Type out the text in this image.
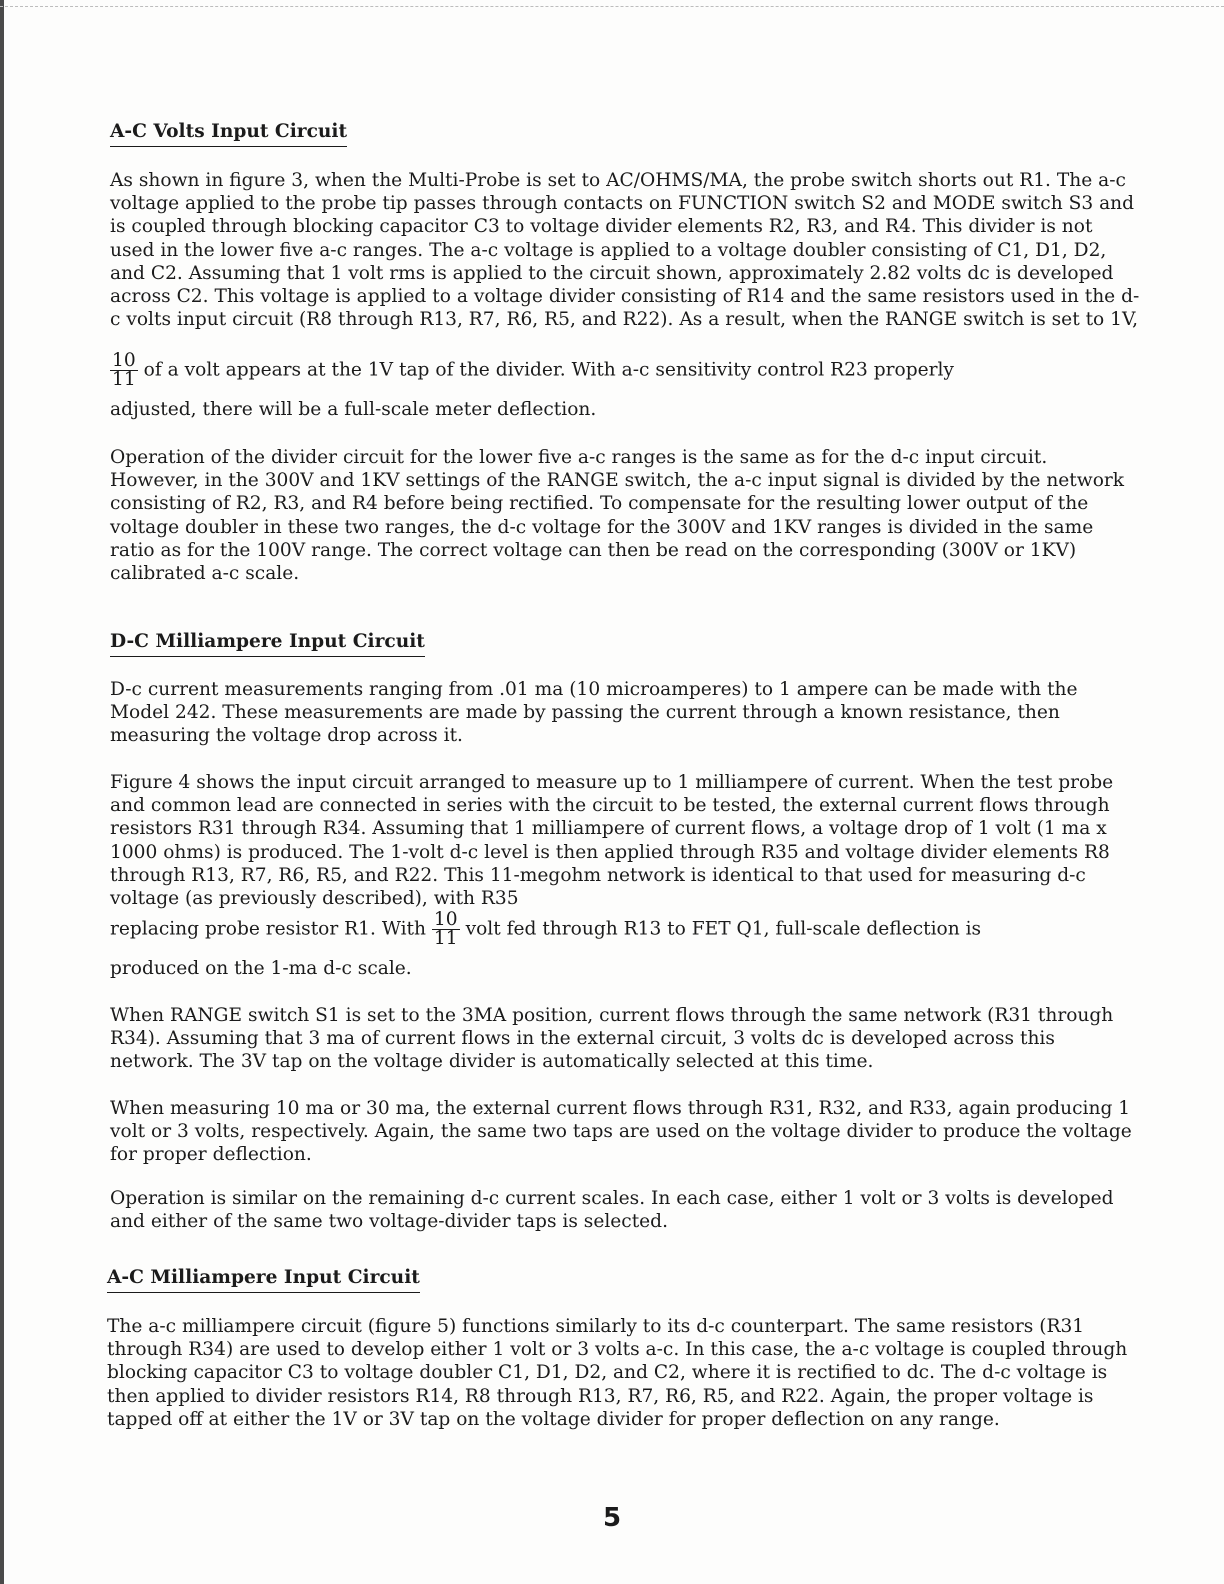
A-C Volts Input Circuit

As shown in figure 3, when the Multi-Probe is set to AC/OHMS/MA, the probe switch shorts out R1. The a-c voltage applied to the probe tip passes through contacts on FUNCTION switch S2 and MODE switch S3 and is coupled through blocking capacitor C3 to voltage divider elements R2, R3, and R4. This divider is not used in the lower five a-c ranges. The a-c voltage is applied to a voltage doubler consisting of C1, D1, D2, and C2. Assuming that 1 volt rms is applied to the circuit shown, approximately 2.82 volts dc is developed across C2. This voltage is applied to a voltage divider consisting of R14 and the same resistors used in the d-c volts input circuit (R8 through R13, R7, R6, R5, and R22). As a result, when the RANGE switch is set to 1V,

$\frac{10}{11}$ of a volt appears at the 1V tap of the divider. With a-c sensitivity control R23 properly

adjusted, there will be a full-scale meter deflection.

Operation of the divider circuit for the lower five a-c ranges is the same as for the d-c input circuit. However, in the 300V and 1KV settings of the RANGE switch, the a-c input signal is divided by the network consisting of R2, R3, and R4 before being rectified. To compensate for the resulting lower output of the voltage doubler in these two ranges, the d-c voltage for the 300V and 1KV ranges is divided in the same ratio as for the 100V range. The correct voltage can then be read on the corresponding (300V or 1KV) calibrated a-c scale.

D-C Milliampere Input Circuit

D-c current measurements ranging from .01 ma (10 microamperes) to 1 ampere can be made with the Model 242. These measurements are made by passing the current through a known resistance, then measuring the voltage drop across it.

Figure 4 shows the input circuit arranged to measure up to 1 milliampere of current. When the test probe and common lead are connected in series with the circuit to be tested, the external current flows through resistors R31 through R34. Assuming that 1 milliampere of current flows, a voltage drop of 1 volt (1 ma x 1000 ohms) is produced. The 1-volt d-c level is then applied through R35 and voltage divider elements R8 through R13, R7, R6, R5, and R22. This 11-megohm network is identical to that used for measuring d-c voltage (as previously described), with R35

replacing probe resistor R1. With $\frac{10}{11}$ volt fed through R13 to FET Q1, full-scale deflection is

produced on the 1-ma d-c scale.

When RANGE switch S1 is set to the 3MA position, current flows through the same network (R31 through R34). Assuming that 3 ma of current flows in the external circuit, 3 volts dc is developed across this network. The 3V tap on the voltage divider is automatically selected at this time.

When measuring 10 ma or 30 ma, the external current flows through R31, R32, and R33, again producing 1 volt or 3 volts, respectively. Again, the same two taps are used on the voltage divider to produce the voltage for proper deflection.

Operation is similar on the remaining d-c current scales. In each case, either 1 volt or 3 volts is developed and either of the same two voltage-divider taps is selected.

A-C Milliampere Input Circuit

The a-c milliampere circuit (figure 5) functions similarly to its d-c counterpart. The same resistors (R31 through R34) are used to develop either 1 volt or 3 volts a-c. In this case, the a-c voltage is coupled through blocking capacitor C3 to voltage doubler C1, D1, D2, and C2, where it is rectified to dc. The d-c voltage is then applied to divider resistors R14, R8 through R13, R7, R6, R5, and R22. Again, the proper voltage is tapped off at either the 1V or 3V tap on the voltage divider for proper deflection on any range.

5
